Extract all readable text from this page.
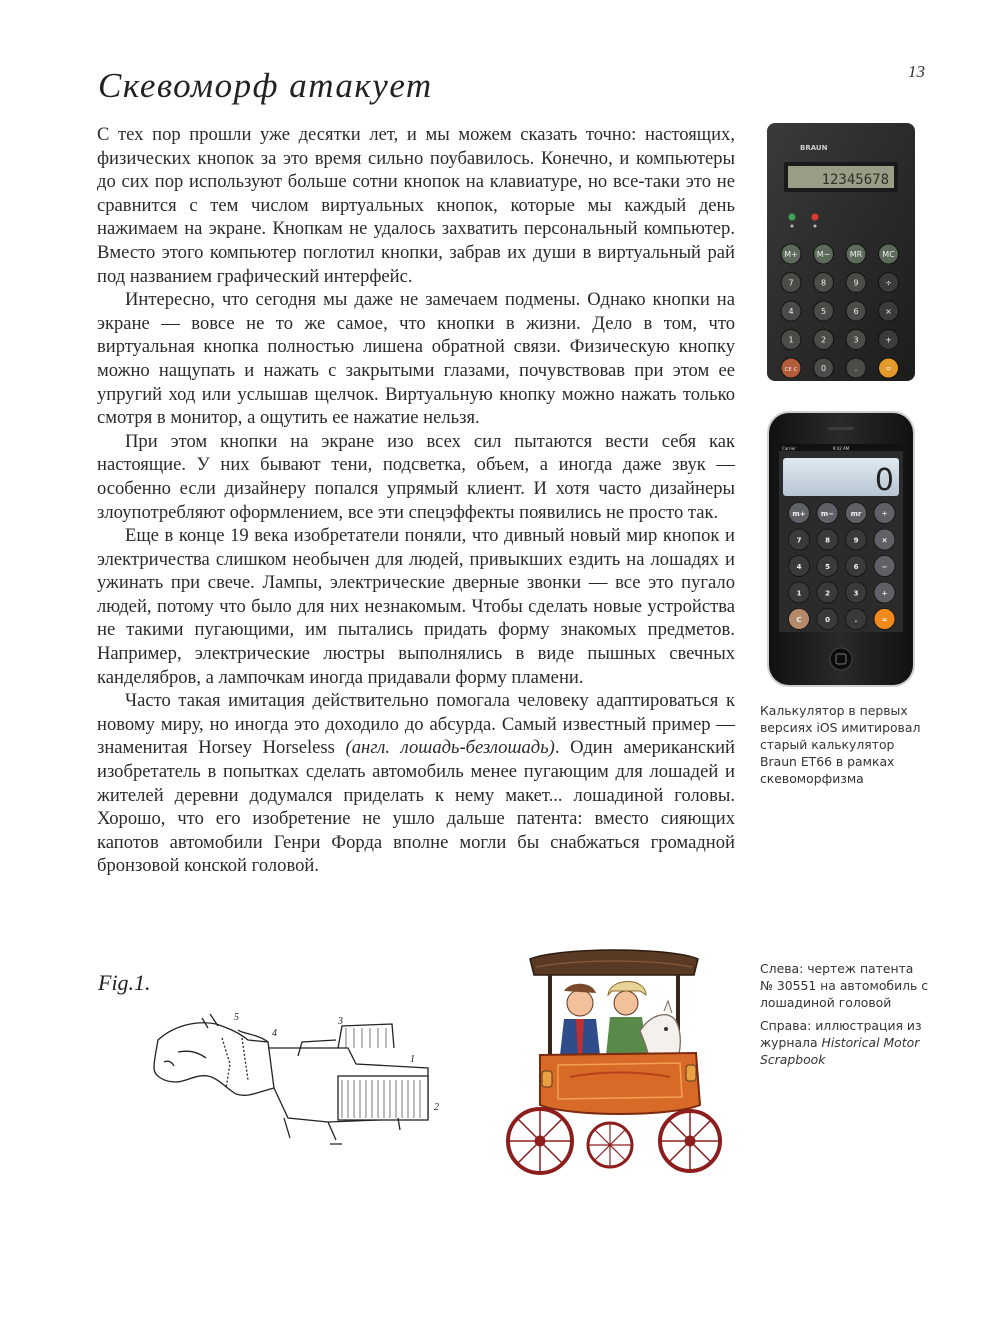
13
Скевоморф атакует

С тех пор прошли уже десятки лет, и мы можем сказать точно: настоящих, физических кнопок за это время сильно поубавилось. Конечно, и компьютеры до сих пор используют больше сотни кнопок на клавиатуре, но все-таки это не сравнится с тем числом виртуальных кнопок, которые мы каждый день нажимаем на экране. Кнопкам не удалось захватить персональный компьютер. Вместо этого компьютер поглотил кнопки, забрав их души в виртуальный рай под названием графический интерфейс.

Интересно, что сегодня мы даже не замечаем подмены. Однако кнопки на экране — вовсе не то же самое, что кнопки в жизни. Дело в том, что виртуальная кнопка полностью лишена обратной связи. Физическую кнопку можно нащупать и нажать с закрытыми глазами, почувствовав при этом ее упругий ход или услышав щелчок. Виртуальную кнопку можно нажать только смотря в монитор, а ощутить ее нажатие нельзя.

При этом кнопки на экране изо всех сил пытаются вести себя как настоящие. У них бывают тени, подсветка, объем, а иногда даже звук — особенно если дизайнеру попался упрямый клиент. И хотя часто дизайнеры злоупотребляют оформлением, все эти спецэффекты появились не просто так.

Еще в конце 19 века изобретатели поняли, что дивный новый мир кнопок и электричества слишком необычен для людей, привыкших ездить на лошадях и ужинать при свече. Лампы, электрические дверные звонки — все это пугало людей, потому что было для них незнакомым. Чтобы сделать новые устройства не такими пугающими, им пытались придать форму знакомых предметов. Например, электрические люстры выполнялись в виде пышных свечных канделябров, а лампочкам иногда придавали форму пламени.

Часто такая имитация действительно помогала человеку адаптироваться к новому миру, но иногда это доходило до абсурда. Самый известный пример — знаменитая Horsey Horseless (англ. лошадь-безлошадь). Один американский изобретатель в попытках сделать автомобиль менее пугающим для лошадей и жителей деревни додумался приделать к нему макет... лошадиной головы. Хорошо, что его изобретение не ушло дальше патента: вместо сияющих капотов автомобили Генри Форда вполне могли бы снабжаться громадной бронзовой конской головой.

BRAUN
12345678
M+ M− MR	MC
7	8	9	÷
4	5	6	×
1	2	3	+
CE C	0	.	=
Carrier	9:42 AM
0
m+ m− mr	÷
7	8	9	×
4	5	6	−
1	2	3	+
C	0	.	=
Калькулятор в первых версиях iOS имитировал старый калькулятор Braun ET66 в рамках скевоморфизма
Fig.1.
1
2
3
4
5
Слева: чертеж патента № 30551 на автомобиль с лошадиной головой
Справа: иллюстрация из журнала Historical Motor Scrapbook
